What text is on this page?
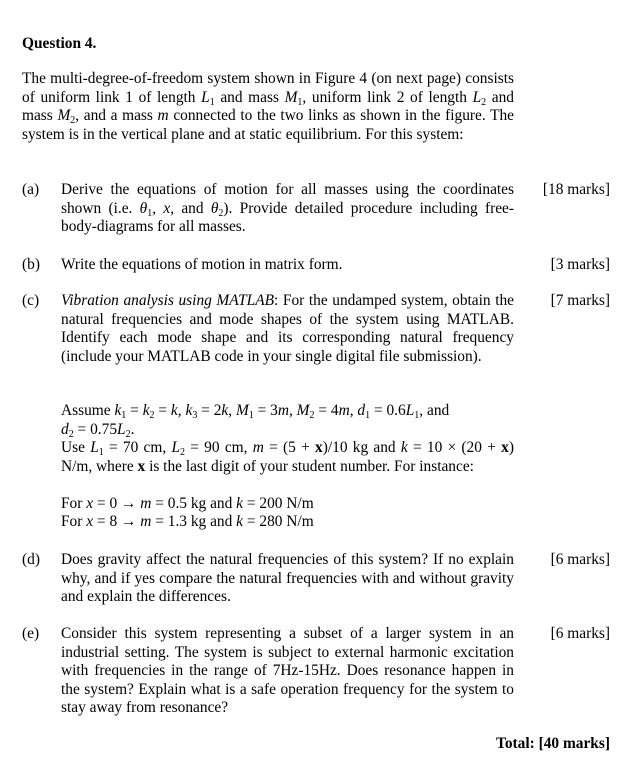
Question 4.
The multi-degree-of-freedom system shown in Figure 4 (on next page) consists of uniform link 1 of length $L_1$ and mass $M_1$, uniform link 2 of length $L_2$ and mass $M_2$, and a mass m connected to the two links as shown in the figure. The system is in the vertical plane and at static equilibrium. For this system:
(a) Derive the equations of motion for all masses using the coordinates shown (i.e. $\theta_1$, x, and $\theta_2$). Provide detailed procedure including free-body-diagrams for all masses.
[18 marks]
(b) Write the equations of motion in matrix form.	[3 marks]
(c) Vibration analysis using MATLAB: For the undamped system, obtain the natural frequencies and mode shapes of the system using MATLAB. Identify each mode shape and its corresponding natural frequency (include your MATLAB code in your single digital file submission).
[7 marks]
Assume $k_1 = k_2 = k$, $k_3 = 2k$, $M_1 = 3m$, $M_2 = 4m$, $d_1 = 0.6L_1$, and
$d_2 = 0.75L_2$.
Use $L_1 = 70$ cm, $L_2 = 90$ cm, m = (5 + x)/10 kg and k = 10 × (20 + x) N/m, where x is the last digit of your student number. For instance:
For x = 0 → m = 0.5 kg and k = 200 N/m
For x = 8 → m = 1.3 kg and k = 280 N/m
(d) Does gravity affect the natural frequencies of this system? If no explain why, and if yes compare the natural frequencies with and without gravity and explain the differences.
[6 marks]
(e) Consider this system representing a subset of a larger system in an industrial setting. The system is subject to external harmonic excitation with frequencies in the range of 7Hz-15Hz. Does resonance happen in the system? Explain what is a safe operation frequency for the system to stay away from resonance?
[6 marks]
Total: [40 marks]
